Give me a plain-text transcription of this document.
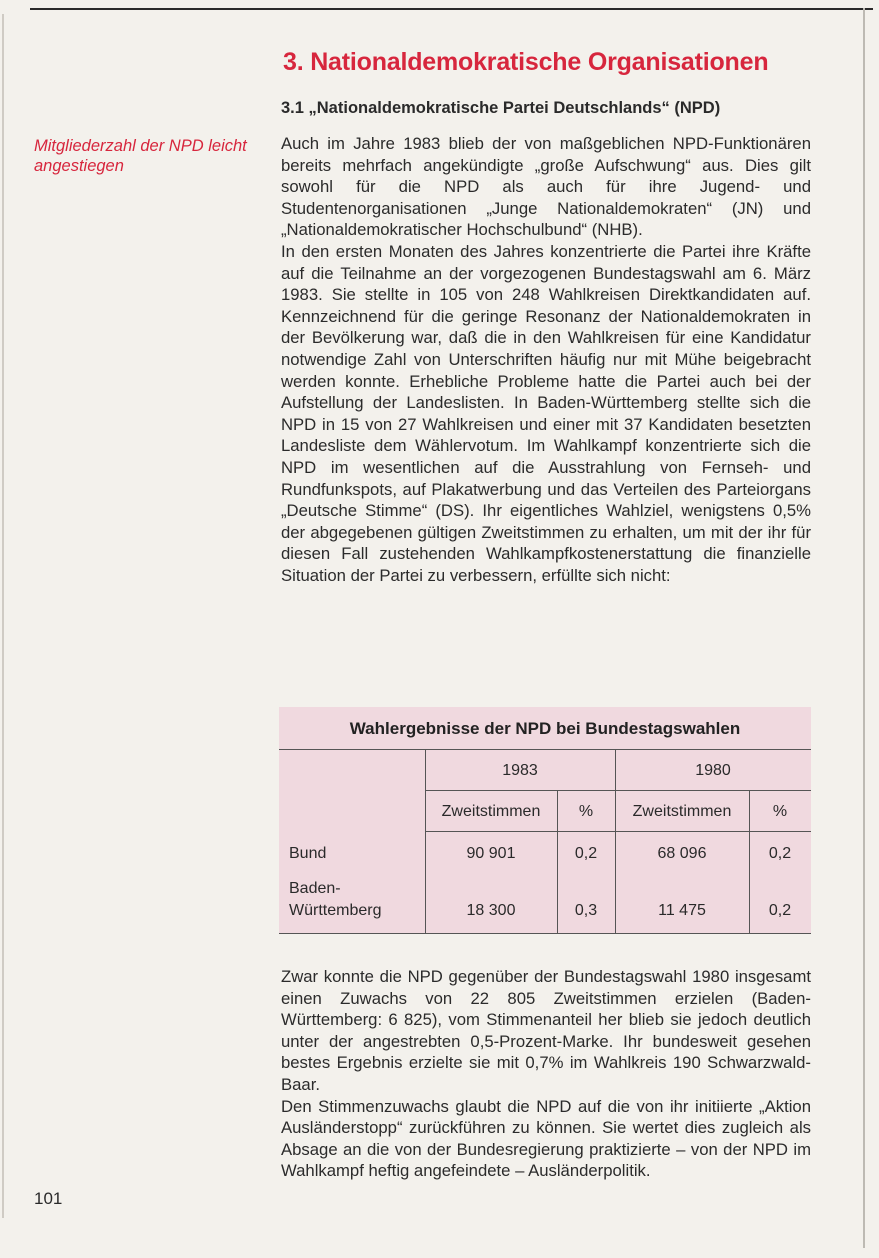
3. Nationaldemokratische Organisationen
3.1 „Nationaldemokratische Partei Deutschlands“ (NPD)
Mitgliederzahl der NPD leicht angestiegen

Auch im Jahre 1983 blieb der von maßgeblichen NPD-Funktionären bereits mehrfach angekündigte „große Aufschwung“ aus. Dies gilt sowohl für die NPD als auch für ihre Jugend- und Studentenorganisationen „Junge Nationaldemokraten“ (JN) und „Nationaldemokratischer Hochschulbund“ (NHB).

In den ersten Monaten des Jahres konzentrierte die Partei ihre Kräfte auf die Teilnahme an der vorgezogenen Bundestagswahl am 6. März 1983. Sie stellte in 105 von 248 Wahlkreisen Direktkandidaten auf. Kennzeichnend für die geringe Resonanz der Nationaldemokraten in der Bevölkerung war, daß die in den Wahlkreisen für eine Kandidatur notwendige Zahl von Unterschriften häufig nur mit Mühe beigebracht werden konnte. Erhebliche Probleme hatte die Partei auch bei der Aufstellung der Landeslisten. In Baden-Württemberg stellte sich die NPD in 15 von 27 Wahlkreisen und einer mit 37 Kandidaten besetzten Landesliste dem Wählervotum. Im Wahlkampf konzentrierte sich die NPD im wesentlichen auf die Ausstrahlung von Fernseh- und Rundfunkspots, auf Plakatwerbung und das Verteilen des Parteiorgans „Deutsche Stimme“ (DS). Ihr eigentliches Wahlziel, wenigstens 0,5% der abgegebenen gültigen Zweitstimmen zu erhalten, um mit der ihr für diesen Fall zustehenden Wahlkampfkostenerstattung die finanzielle Situation der Partei zu verbessern, erfüllte sich nicht:

Wahlergebnisse der NPD bei Bundestagswahlen
1983	1980
Zweitstimmen	%	Zweitstimmen	%
Bund	90 901	0,2	68 096	0,2
Baden-
Württemberg	18 300	0,3	11 475	0,2

Zwar konnte die NPD gegenüber der Bundestagswahl 1980 insgesamt einen Zuwachs von 22 805 Zweitstimmen erzielen (Baden-Württemberg: 6 825), vom Stimmenanteil her blieb sie jedoch deutlich unter der angestrebten 0,5-Prozent-Marke. Ihr bundesweit gesehen bestes Ergebnis erzielte sie mit 0,7% im Wahlkreis 190 Schwarzwald-Baar.

Den Stimmenzuwachs glaubt die NPD auf die von ihr initiierte „Aktion Ausländerstopp“ zurückführen zu können. Sie wertet dies zugleich als Absage an die von der Bundesregierung praktizierte – von der NPD im Wahlkampf heftig angefeindete – Ausländerpolitik.

101
